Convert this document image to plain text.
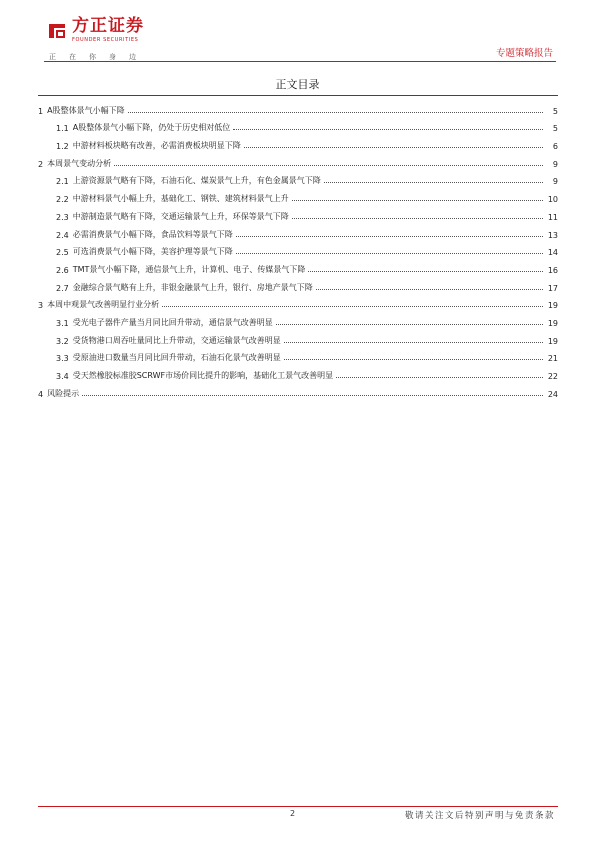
方正证券
FOUNDER SECURITIES
正在你身边	专题策略报告
正文目录
1 A股整体景气小幅下降	5
1.1 A股整体景气小幅下降，仍处于历史相对低位	5
1.2 中游材料板块略有改善，必需消费板块明显下降	6
2 本周景气变动分析	9
2.1 上游资源景气略有下降，石油石化、煤炭景气上升，有色金属景气下降	9
2.2 中游材料景气小幅上升，基础化工、钢铁、建筑材料景气上升	10
2.3 中游制造景气略有下降，交通运输景气上升，环保等景气下降	11
2.4 必需消费景气小幅下降，食品饮料等景气下降	13
2.5 可选消费景气小幅下降，美容护理等景气下降	14
2.6 TMT景气小幅下降，通信景气上升，计算机、电子、传媒景气下降	16
2.7 金融综合景气略有上升，非银金融景气上升，银行、房地产景气下降	17
3 本周中观景气改善明显行业分析	19
3.1 受光电子器件产量当月同比回升带动，通信景气改善明显	19
3.2 受货物港口周吞吐量同比上升带动，交通运输景气改善明显	19
3.3 受原油进口数量当月同比回升带动，石油石化景气改善明显	21
3.4 受天然橡胶标准胶SCRWF市场价同比提升的影响，基础化工景气改善明显	22
4 风险提示	24
2	敬请关注文后特别声明与免责条款
